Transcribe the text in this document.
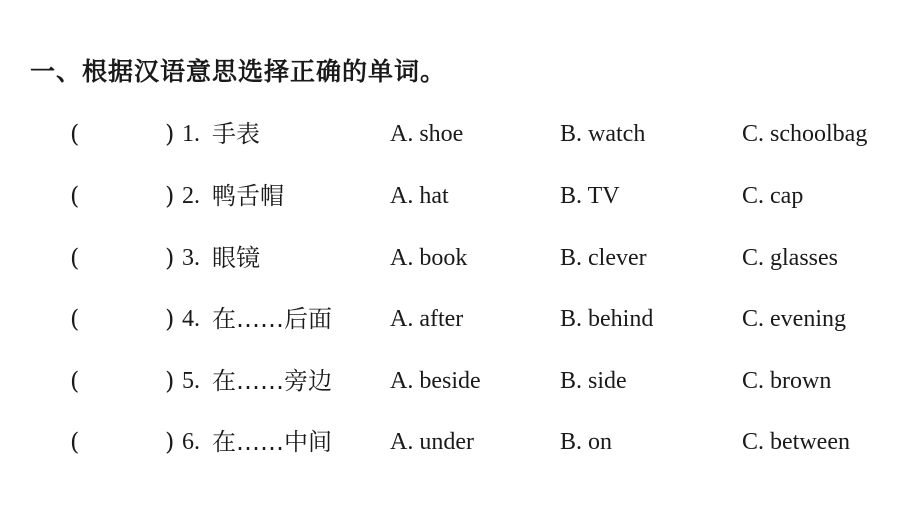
一、根据汉语意思选择正确的单词。
(	) 1. 手表	A. shoe	B. watch	C. schoolbag
(	) 2. 鸭舌帽	A. hat	B. TV	C. cap
(	) 3. 眼镜	A. book	B. clever	C. glasses
(	) 4. 在……后面 A. after	B. behind	C. evening
(	) 5. 在……旁边 A. beside	B. side	C. brown
(	) 6. 在……中间 A. under	B. on	C. between
